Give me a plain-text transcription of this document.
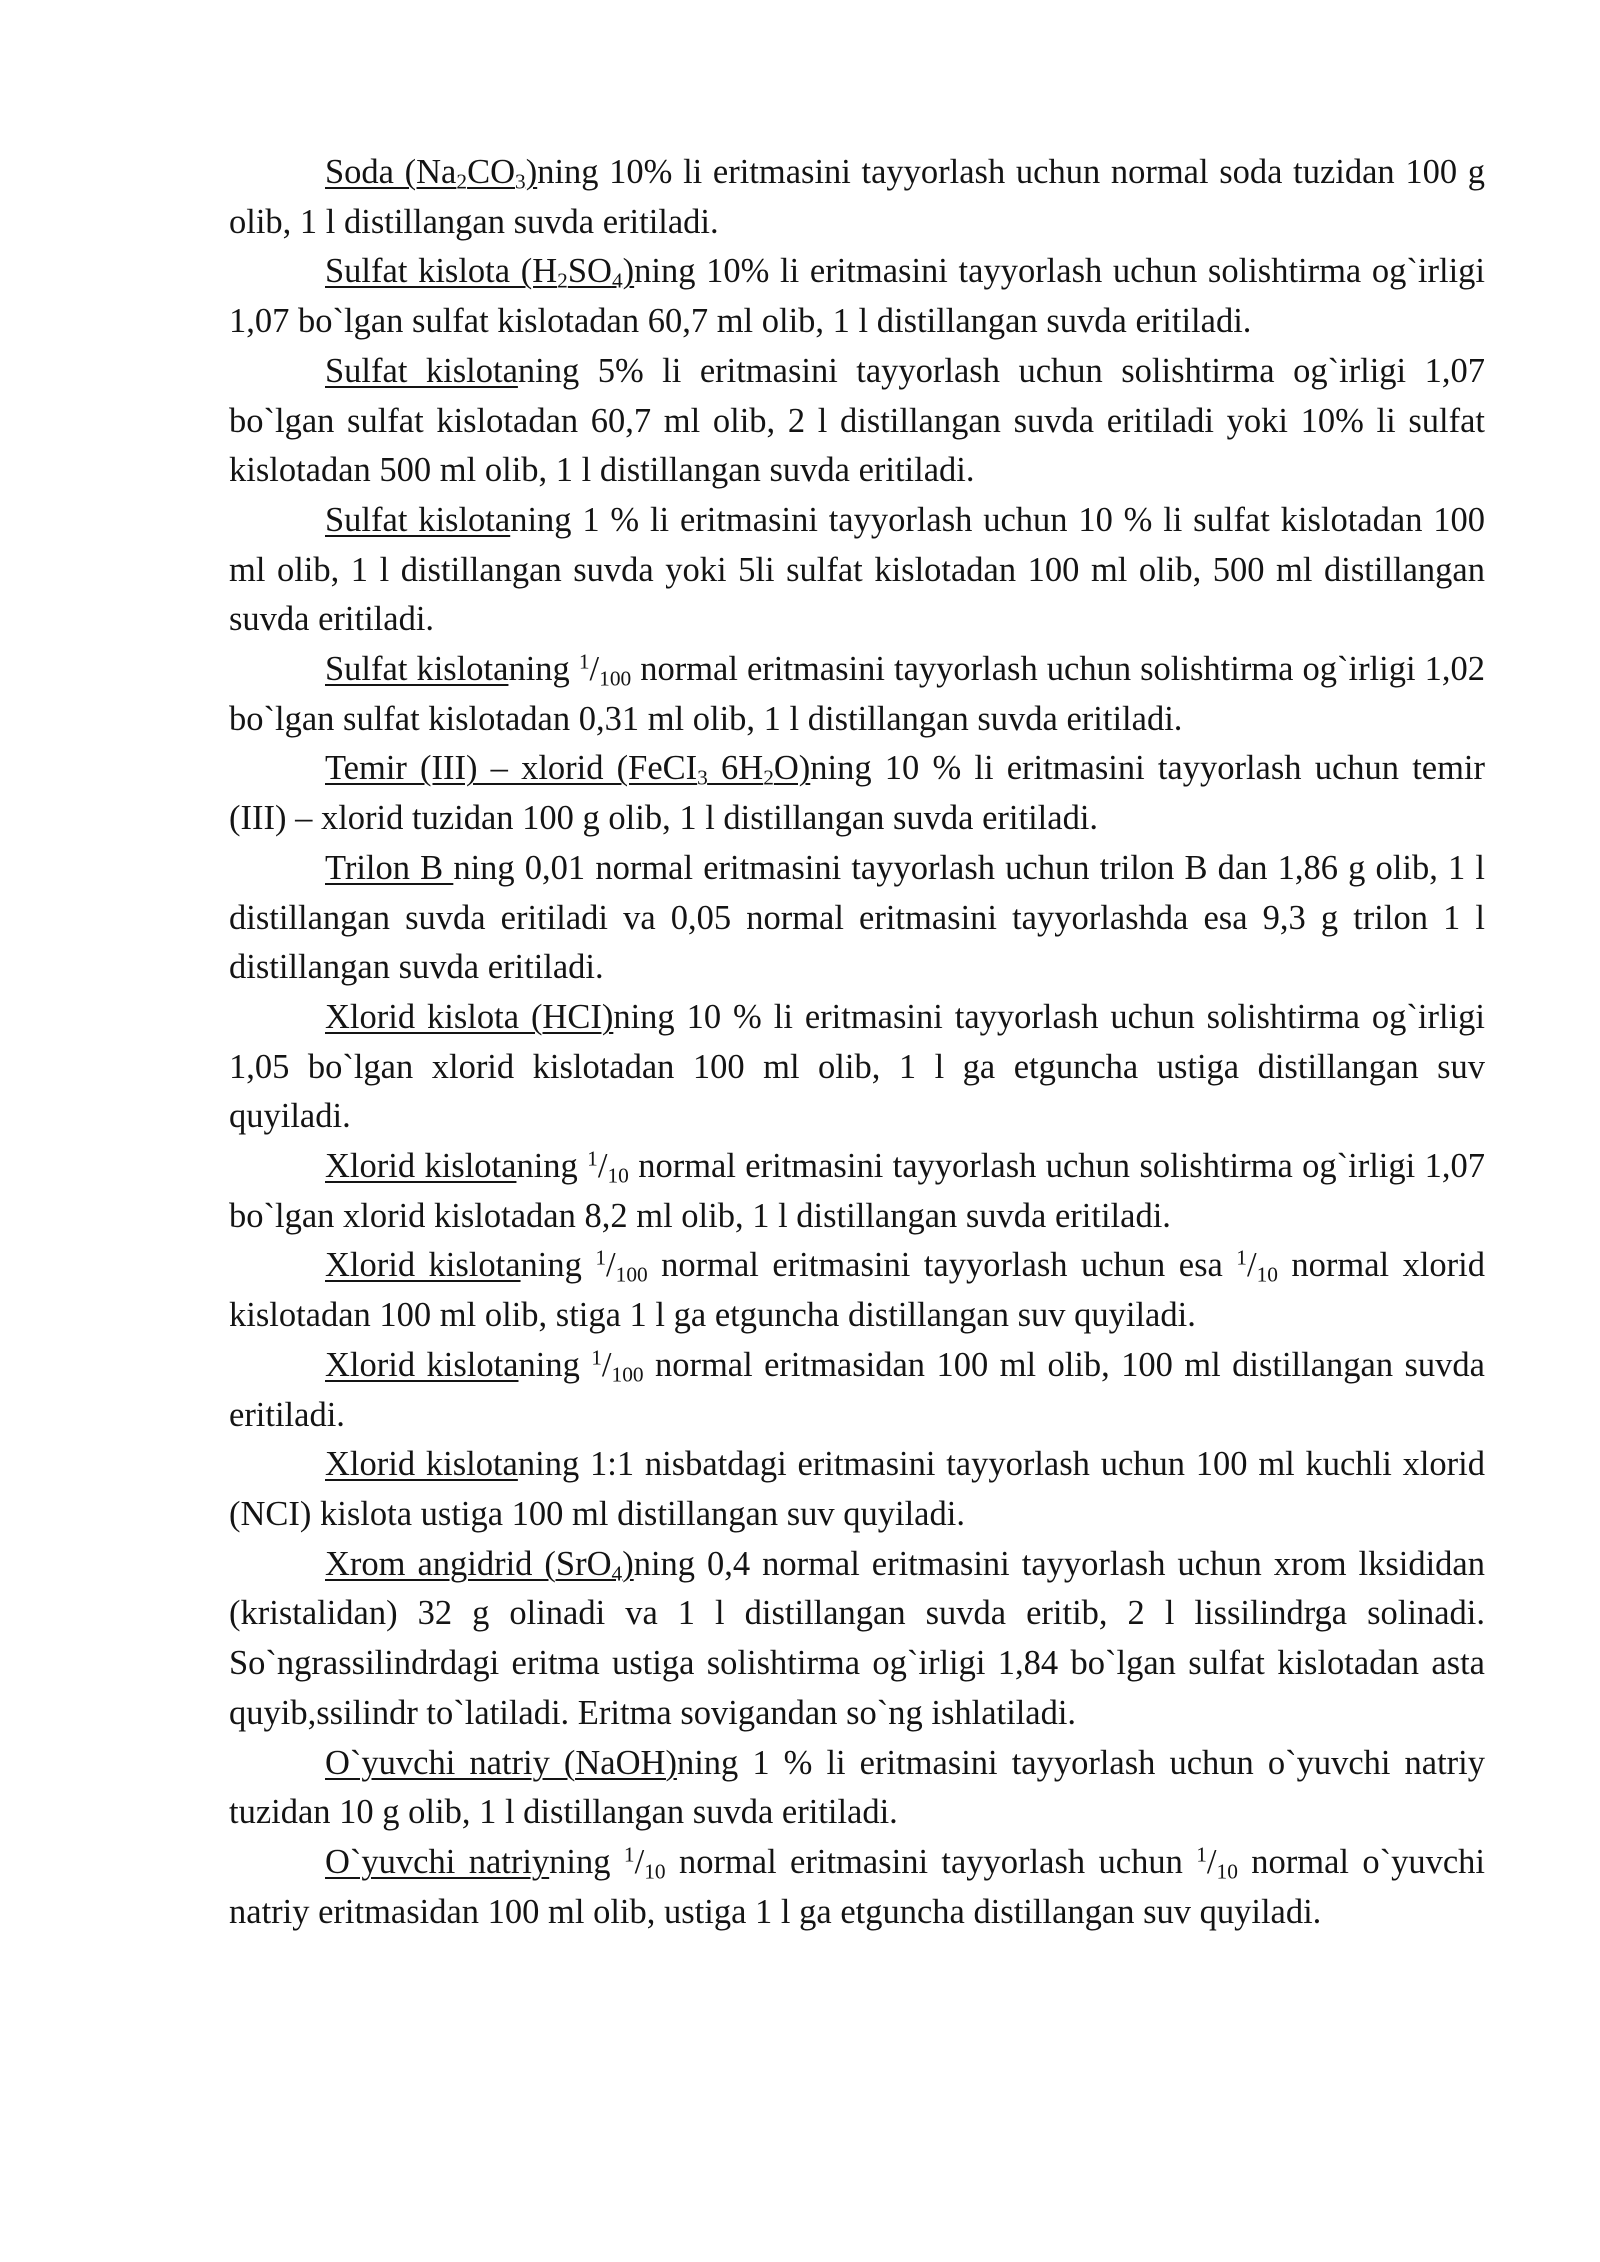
Soda $(Na_2CO_3)ning$ 10% li eritmasini tayyorlash uchun normal soda tuzidan 100 g olib, 1 l distillangan suvda eritiladi.

Sulfat kislota $(H_2SO_4)ning$ 10% li eritmasini tayyorlash uchun solishtirma og`irligi 1,07 bo`lgan sulfat kislotadan 60,7 ml olib, 1 l distillangan suvda eritiladi.

Sulfat kislotaning 5% li eritmasini tayyorlash uchun solishtirma og`irligi 1,07 bo`lgan sulfat kislotadan 60,7 ml olib, 2 l distillangan suvda eritiladi yoki 10% li sulfat kislotadan 500 ml olib, 1 l distillangan suvda eritiladi.

Sulfat kislotaning 1 % li eritmasini tayyorlash uchun 10 % li sulfat kislotadan 100 ml olib, 1 l distillangan suvda yoki 5li sulfat kislotadan 100 ml olib, 500 ml distillangan suvda eritiladi.

Sulfat kislotaning $^1/_{100}$ normal eritmasini tayyorlash uchun solishtirma og`irligi 1,02 bo`lgan sulfat kislotadan 0,31 ml olib, 1 l distillangan suvda eritiladi.

Temir (III) – xlorid (FeCI$_3$ $6H_2O)ning$ 10 % li eritmasini tayyorlash uchun temir (III) – xlorid tuzidan 100 g olib, 1 l distillangan suvda eritiladi.

Trilon B ning 0,01 normal eritmasini tayyorlash uchun trilon B dan 1,86 g olib, 1 l distillangan suvda eritiladi va 0,05 normal eritmasini tayyorlashda esa 9,3 g trilon 1 l distillangan suvda eritiladi.

Xlorid kislota (HCI)ning 10 % li eritmasini tayyorlash uchun solishtirma og`irligi 1,05 bo`lgan xlorid kislotadan 100 ml olib, 1 l ga etguncha ustiga distillangan suv quyiladi.

Xlorid kislotaning $^1/_{10}$ normal eritmasini tayyorlash uchun solishtirma og`irligi 1,07 bo`lgan xlorid kislotadan 8,2 ml olib, 1 l distillangan suvda eritiladi.

Xlorid kislotaning $^1/_{100}$ normal eritmasini tayyorlash uchun esa $^1/_{10}$ normal xlorid kislotadan 100 ml olib, stiga 1 l ga etguncha distillangan suv quyiladi.

Xlorid kislotaning $^1/_{100}$ normal eritmasidan 100 ml olib, 100 ml distillangan suvda eritiladi.

Xlorid kislotaning 1:1 nisbatdagi eritmasini tayyorlash uchun 100 ml kuchli xlorid (NCI) kislota ustiga 100 ml distillangan suv quyiladi.

Xrom angidrid (SrO$_4$)ning 0,4 normal eritmasini tayyorlash uchun xrom lksididan (kristalidan) 32 g olinadi va 1 l distillangan suvda eritib, 2 l lissilindrga solinadi. So`ngrassilindrdagi eritma ustiga solishtirma og`irligi 1,84 bo`lgan sulfat kislotadan asta quyib,ssilindr to`latiladi. Eritma sovigandan so`ng ishlatiladi.

O`yuvchi natriy (NaOH)ning 1 % li eritmasini tayyorlash uchun o`yuvchi natriy tuzidan 10 g olib, 1 l distillangan suvda eritiladi.

O`yuvchi natriyning $^1/_{10}$ normal eritmasini tayyorlash uchun $^1/_{10}$ normal o`yuvchi natriy eritmasidan 100 ml olib, ustiga 1 l ga etguncha distillangan suv quyiladi.
